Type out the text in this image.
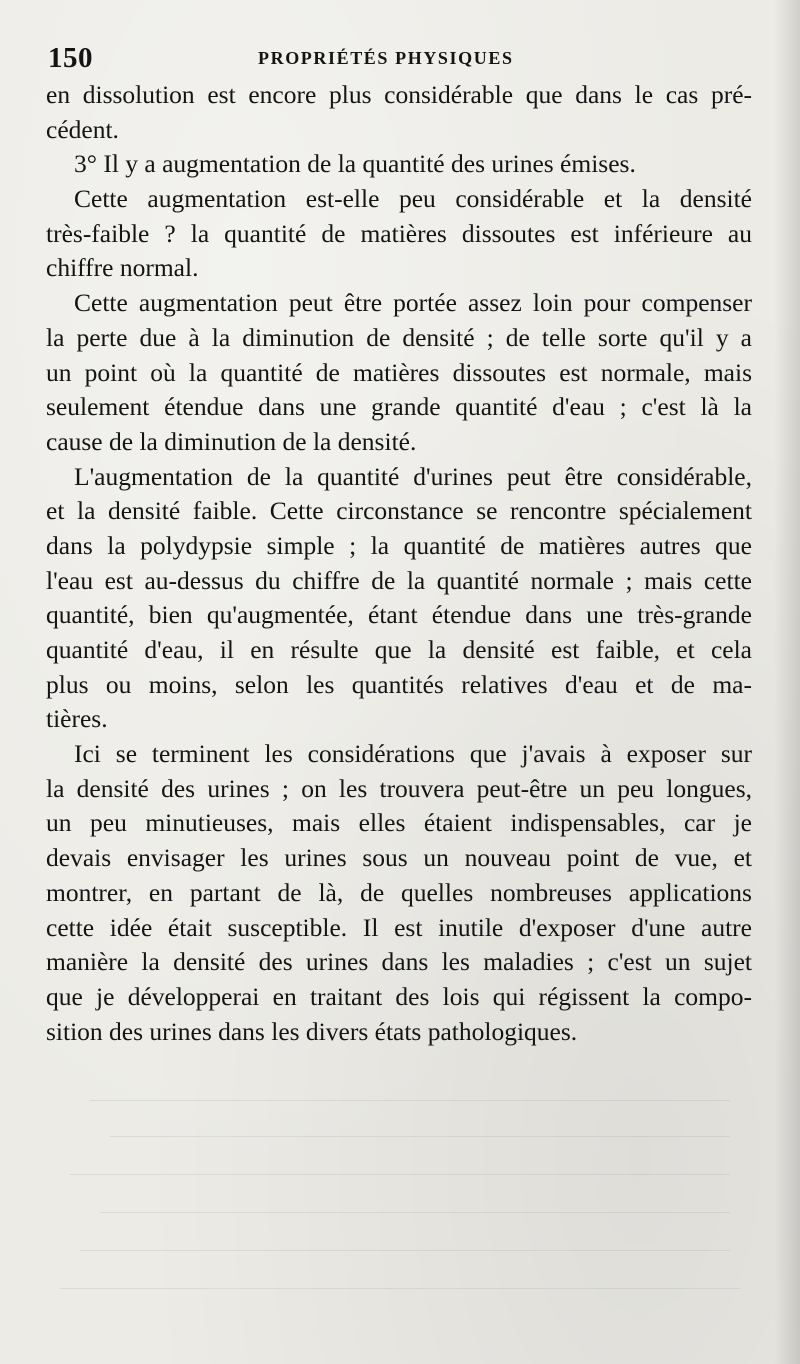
150	PROPRIÉTÉS PHYSIQUES
en dissolution est encore plus considérable que dans le cas pré-
cédent.
3° Il y a augmentation de la quantité des urines émises.
Cette augmentation est-elle peu considérable et la densité
très-faible ? la quantité de matières dissoutes est inférieure au
chiffre normal.
Cette augmentation peut être portée assez loin pour compenser
la perte due à la diminution de densité ; de telle sorte qu'il y a
un point où la quantité de matières dissoutes est normale, mais
seulement étendue dans une grande quantité d'eau ; c'est là la
cause de la diminution de la densité.
L'augmentation de la quantité d'urines peut être considérable,
et la densité faible. Cette circonstance se rencontre spécialement
dans la polydypsie simple ; la quantité de matières autres que
l'eau est au-dessus du chiffre de la quantité normale ; mais cette
quantité, bien qu'augmentée, étant étendue dans une très-grande
quantité d'eau, il en résulte que la densité est faible, et cela
plus ou moins, selon les quantités relatives d'eau et de ma-
tières.
Ici se terminent les considérations que j'avais à exposer sur
la densité des urines ; on les trouvera peut-être un peu longues,
un peu minutieuses, mais elles étaient indispensables, car je
devais envisager les urines sous un nouveau point de vue, et
montrer, en partant de là, de quelles nombreuses applications
cette idée était susceptible. Il est inutile d'exposer d'une autre
manière la densité des urines dans les maladies ; c'est un sujet
que je développerai en traitant des lois qui régissent la compo-
sition des urines dans les divers états pathologiques.
